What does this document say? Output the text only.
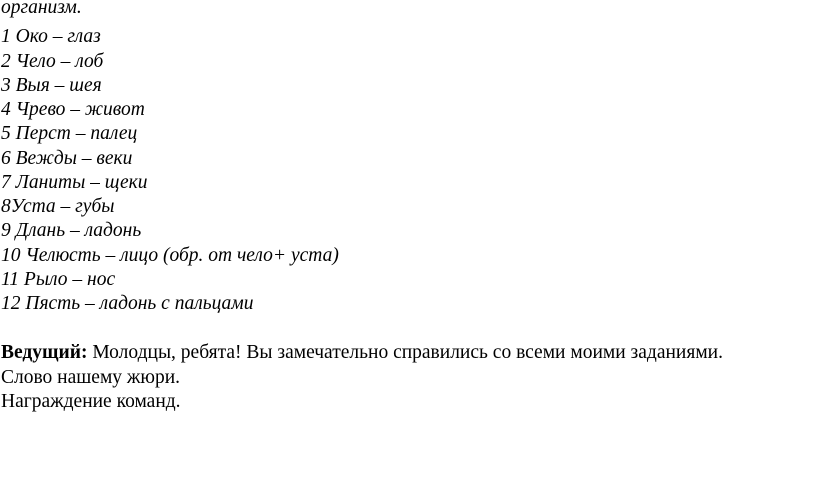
организм.
1 Око – глаз
2 Чело – лоб
3 Выя – шея
4 Чрево – живот
5 Перст – палец
6 Вежды – веки
7 Ланиты – щеки
8Уста – губы
9 Длань – ладонь
10 Челюсть – лицо (обр. от чело+ уста)
11 Рыло – нос
12 Пясть – ладонь с пальцами
Ведущий: Молодцы, ребята! Вы замечательно справились со всеми моими заданиями.
Слово нашему жюри.
Награждение команд.
